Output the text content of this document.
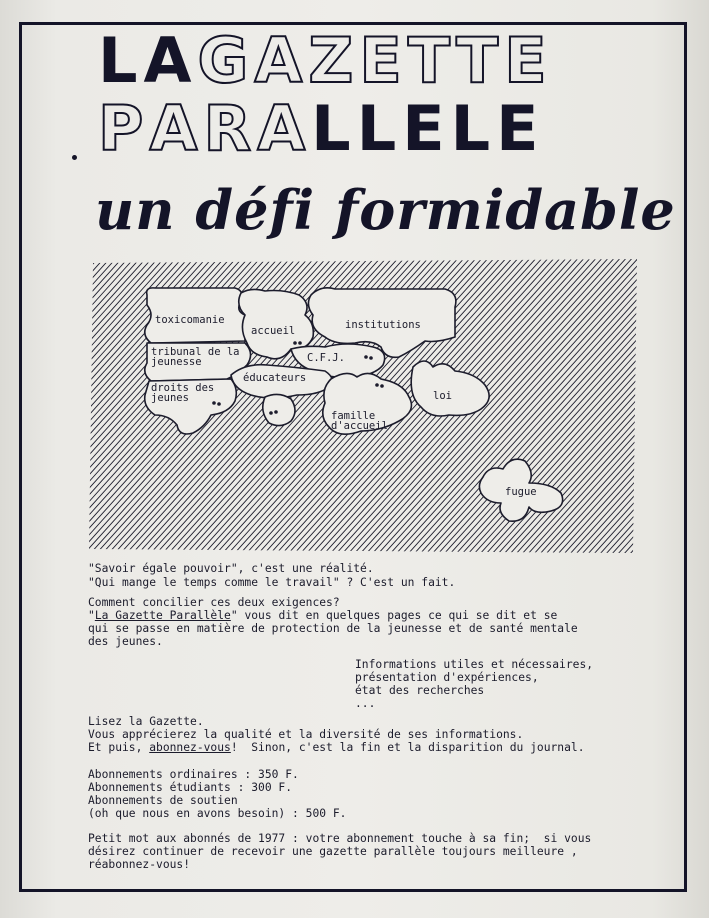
LAGAZETTE
PARALLELE
un défi formidable
toxicomanie
accueil	institutions
tribunal de la
jeunesse	C.F.J.
éducateurs
droits des
jeunes	loi
famille
d'accueil
fugue
"Savoir égale pouvoir", c'est une réalité.
"Qui mange le temps comme le travail" ? C'est un fait.
Comment concilier ces deux exigences?
"La Gazette Parallèle" vous dit en quelques pages ce qui se dit et se
qui se passe en matière de protection de la jeunesse et de santé mentale
des jeunes.
Informations utiles et nécessaires,
présentation d'expériences,
état des recherches
...
Lisez la Gazette.
Vous apprécierez la qualité et la diversité de ses informations.
Et puis, abonnez-vous!  Sinon, c'est la fin et la disparition du journal.
Abonnements ordinaires : 350 F.
Abonnements étudiants : 300 F.
Abonnements de soutien
(oh que nous en avons besoin) : 500 F.
Petit mot aux abonnés de 1977 : votre abonnement touche à sa fin;  si vous
désirez continuer de recevoir une gazette parallèle toujours meilleure ,
réabonnez-vous!
